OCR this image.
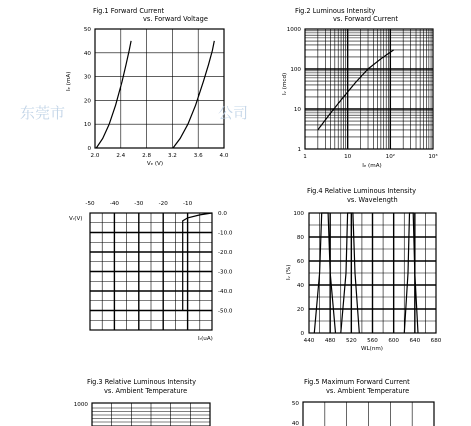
Fig.1 Forward Current
vs. Forward Voltage
2.0	2.4	2.8	3.2	3.6	4.0
0
10
20
30
40
50
Iₑ (mA)
Vₑ (V)
Fig.2 Luminous Intensity
vs. Forward Current
1	10	10²	10³
1
10
100
1000
Iᵥ (mcd)
Iₑ (mA)
-50	-40	-30	-20	-10
0.0
-10.0
-20.0
-30.0
-40.0
-50.0
Vᵣ(V)
Iᵣ(uA)
Fig.4 Relative Luminous Intensity
vs. Wavelength
440 480 520 560 600 640 680
0
20
40
60
80
100
Iᵥ (%)
WL(nm)
Fig.3 Relative Luminous Intensity
vs. Ambient Temperature
1000
Fig.5 Maximum Forward Current
vs. Ambient Temperature
50
40
东莞市	公司
